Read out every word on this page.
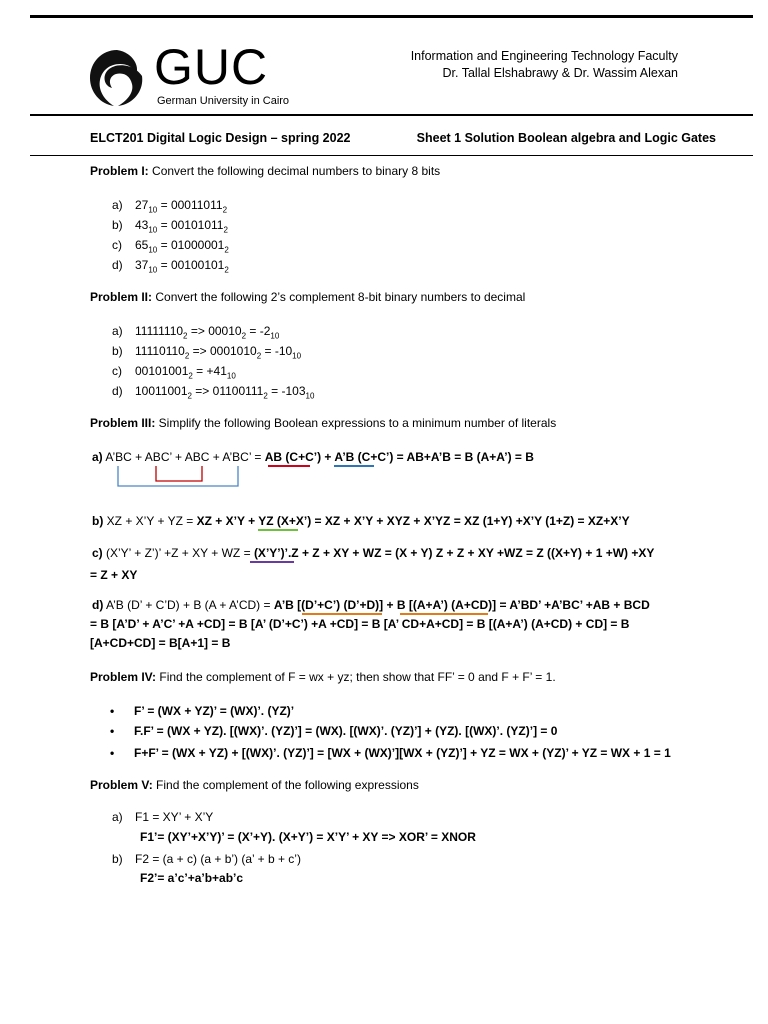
GUC
German University in Cairo
Information and Engineering Technology Faculty
Dr. Tallal Elshabrawy & Dr. Wassim Alexan
ELCT201 Digital Logic Design – spring 2022	Sheet 1 Solution Boolean algebra and Logic Gates
Problem I: Convert the following decimal numbers to binary 8 bits
a) $27_{10} = 00011011_2$
b) $43_{10} = 00101011_2$
c) $65_{10} = 01000001_2$
d) $37_{10} = 00100101_2$
Problem II: Convert the following 2’s complement 8-bit binary numbers to decimal
a) $11111110_2 => 00010_2 = -2_{10}$
b) $11110110_2 => 0001010_2 = -10_{10}$
c) $00101001_2 = +41_{10}$
d) $10011001_2 => 01100111_2 = -103_{10}$
Problem III: Simplify the following Boolean expressions to a minimum number of literals
a) A’BC + ABC’ + ABC + A’BC’ = AB (C+C’) + A’B (C+C’) = AB+A’B = B (A+A’) = B
b) XZ + X’Y + YZ = XZ + X’Y + YZ (X+X’) = XZ + X’Y + XYZ + X’YZ = XZ (1+Y) +X’Y (1+Z) = XZ+X’Y
c) (X’Y’ + Z’)’ +Z + XY + WZ = (X’Y’)’.Z + Z + XY + WZ = (X + Y) Z + Z + XY +WZ = Z ((X+Y) + 1 +W) +XY
= Z + XY
d) A’B (D’ + C’D) + B (A + A’CD) = A’B [(D’+C’) (D’+D)] + B [(A+A’) (A+CD)] = A’BD’ +A’BC’ +AB + BCD
= B [A’D’ + A’C’ +A +CD] = B [A’ (D’+C’) +A +CD] = B [A’ CD+A+CD] = B [(A+A’) (A+CD) + CD] = B
[A+CD+CD] = B[A+1] = B
Problem IV: Find the complement of F = wx + yz; then show that FF’ = 0 and F + F’ = 1.
• F’ = (WX + YZ)’ = (WX)’. (YZ)’
• F.F’ = (WX + YZ). [(WX)’. (YZ)’] = (WX). [(WX)’. (YZ)’] + (YZ). [(WX)’. (YZ)’] = 0
• F+F’ = (WX + YZ) + [(WX)’. (YZ)’] = [WX + (WX)’][WX + (YZ)’] + YZ = WX + (YZ)’ + YZ = WX + 1 = 1
Problem V: Find the complement of the following expressions
a) F1 = XY’ + X’Y
F1’= (XY’+X’Y)’ = (X’+Y). (X+Y’) = X’Y’ + XY => XOR’ = XNOR
b) F2 = (a + c) (a + b’) (a’ + b + c’)
F2’= a’c’+a’b+ab’c
